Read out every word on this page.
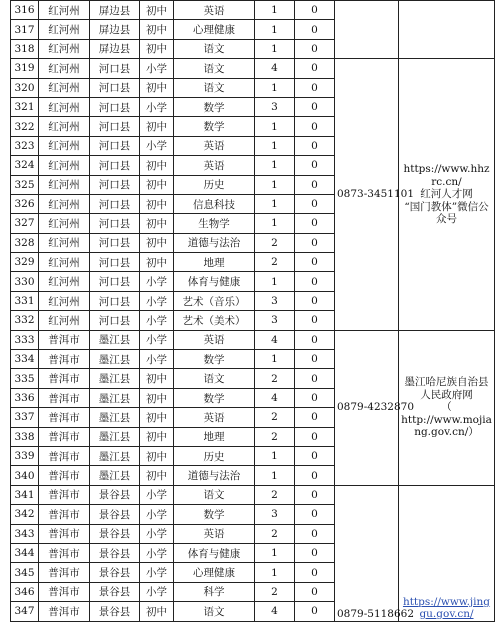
316	红河州	屏边县	初中	英语	1	0		
317	红河州	屏边县	初中	心理健康	1	0		
318	红河州	屏边县	初中	语文	1	0		
319	红河州	河口县	小学	语文	4	0	0873-3451101	https://www.hhzrc.cn/
红河人才网
“国门教体”微信公众号

320	红河州	河口县	初中	语文	1	0		
321	红河州	河口县	小学	数学	3	0		
322	红河州	河口县	初中	数学	1	0		
323	红河州	河口县	小学	英语	1	0		
324	红河州	河口县	初中	英语	1	0		
325	红河州	河口县	初中	历史	1	0		
326	红河州	河口县	初中	信息科技	1	0		
327	红河州	河口县	初中	生物学	1	0		
328	红河州	河口县	初中	道德与法治	2	0		
329	红河州	河口县	初中	地理	2	0		
330	红河州	河口县	小学	体育与健康	1	0		
331	红河州	河口县	小学	艺术（音乐）	3	0		
332	红河州	河口县	小学	艺术（美术）	3	0		
333	普洱市	墨江县	小学	英语	4	0	0879-4232870	墨江哈尼族自治县人民政府网
（
http://www.mojiang.gov.cn/）

334	普洱市	墨江县	小学	数学	1	0		
335	普洱市	墨江县	初中	语文	2	0		
336	普洱市	墨江县	初中	数学	4	0		
337	普洱市	墨江县	初中	英语	2	0		
338	普洱市	墨江县	初中	地理	2	0		
339	普洱市	墨江县	初中	历史	1	0		
340	普洱市	墨江县	初中	道德与法治	1	0		
341	普洱市	景谷县	小学	语文	2	0	0879-5118662	https://www.jinggu.gov.cn/

342	普洱市	景谷县	小学	数学	3	0		
343	普洱市	景谷县	小学	英语	2	0		
344	普洱市	景谷县	小学	体育与健康	1	0		
345	普洱市	景谷县	小学	心理健康	1	0		
346	普洱市	景谷县	小学	科学	2	0		
347	普洱市	景谷县	初中	语文	4	0		
